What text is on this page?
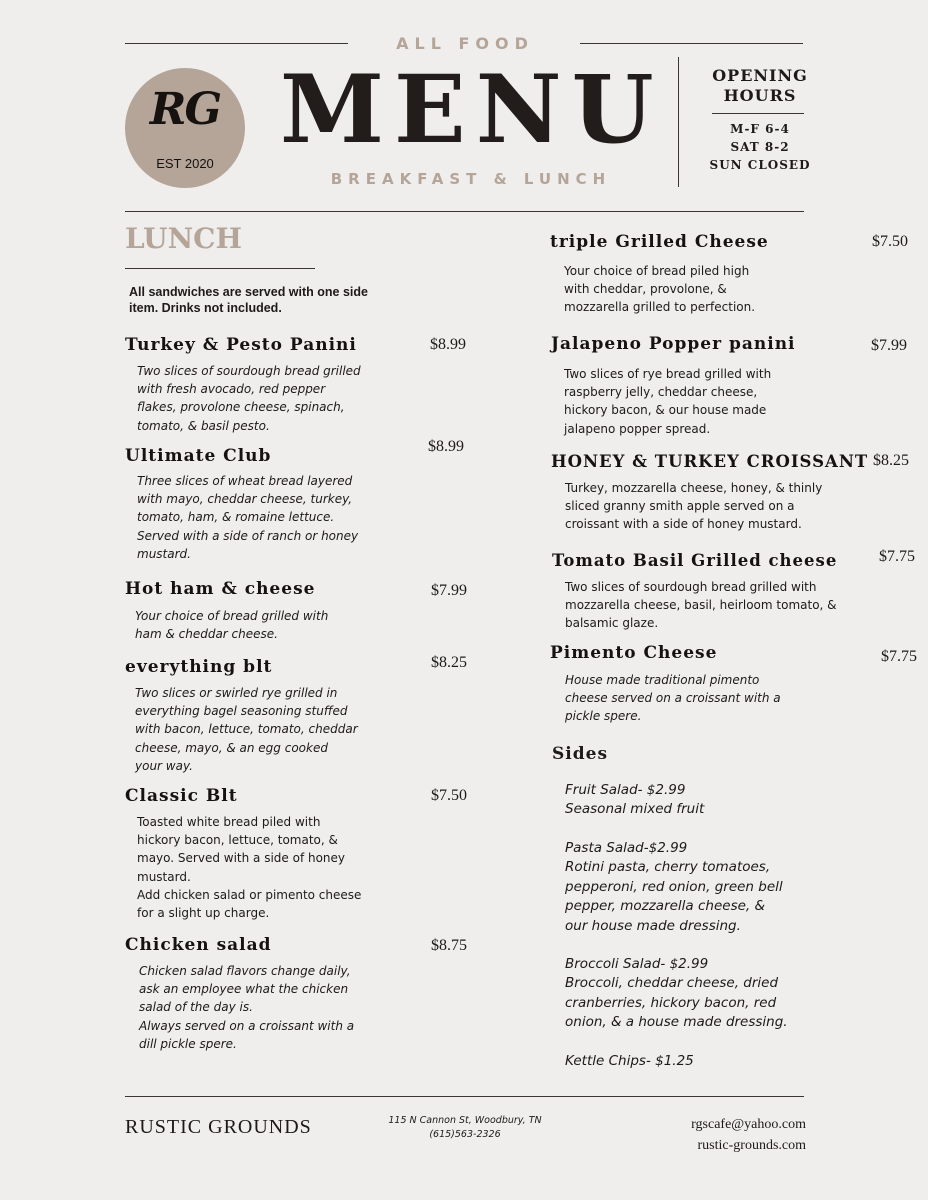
ALL FOOD
RG
EST 2020 MENU
BREAKFAST & LUNCH
OPENING
HOURS
M-F 6-4
SAT 8-2
SUN CLOSED
LUNCH
All sandwiches are served with one side
item. Drinks not included.
Turkey & Pesto Panini	$8.99
Two slices of sourdough bread grilled
with fresh avocado, red pepper
flakes, provolone cheese, spinach,
tomato, & basil pesto.
Ultimate Club	$8.99
Three slices of wheat bread layered
with mayo, cheddar cheese, turkey,
tomato, ham, & romaine lettuce.
Served with a side of ranch or honey
mustard.
Hot ham & cheese	$7.99
Your choice of bread grilled with
ham & cheddar cheese.
everything blt	$8.25
Two slices or swirled rye grilled in
everything bagel seasoning stuffed
with bacon, lettuce, tomato, cheddar
cheese, mayo, & an egg cooked
your way.
Classic Blt	$7.50
Toasted white bread piled with
hickory bacon, lettuce, tomato, &
mayo. Served with a side of honey
mustard.
Add chicken salad or pimento cheese
for a slight up charge.
Chicken salad	$8.75
Chicken salad flavors change daily,
ask an employee what the chicken
salad of the day is.
Always served on a croissant with a
dill pickle spere.
triple Grilled Cheese	$7.50
Your choice of bread piled high
with cheddar, provolone, &
mozzarella grilled to perfection.
Jalapeno Popper panini	$7.99
Two slices of rye bread grilled with
raspberry jelly, cheddar cheese,
hickory bacon, & our house made
jalapeno popper spread.
HONEY & TURKEY CROISSANT $8.25
Turkey, mozzarella cheese, honey, & thinly
sliced granny smith apple served on a
croissant with a side of honey mustard.
Tomato Basil Grilled cheese	$7.75
Two slices of sourdough bread grilled with
mozzarella cheese, basil, heirloom tomato, &
balsamic glaze.
Pimento Cheese	$7.75
House made traditional pimento
cheese served on a croissant with a
pickle spere.
Sides
Fruit Salad- $2.99
Seasonal mixed fruit
Pasta Salad-$2.99
Rotini pasta, cherry tomatoes,
pepperoni, red onion, green bell
pepper, mozzarella cheese, &
our house made dressing.
Broccoli Salad- $2.99
Broccoli, cheddar cheese, dried
cranberries, hickory bacon, red
onion, & a house made dressing.
Kettle Chips- $1.25
RUSTIC GROUNDS	115 N Cannon St, Woodbury, TN
(615)563-2326
rgscafe@yahoo.com
rustic-grounds.com
